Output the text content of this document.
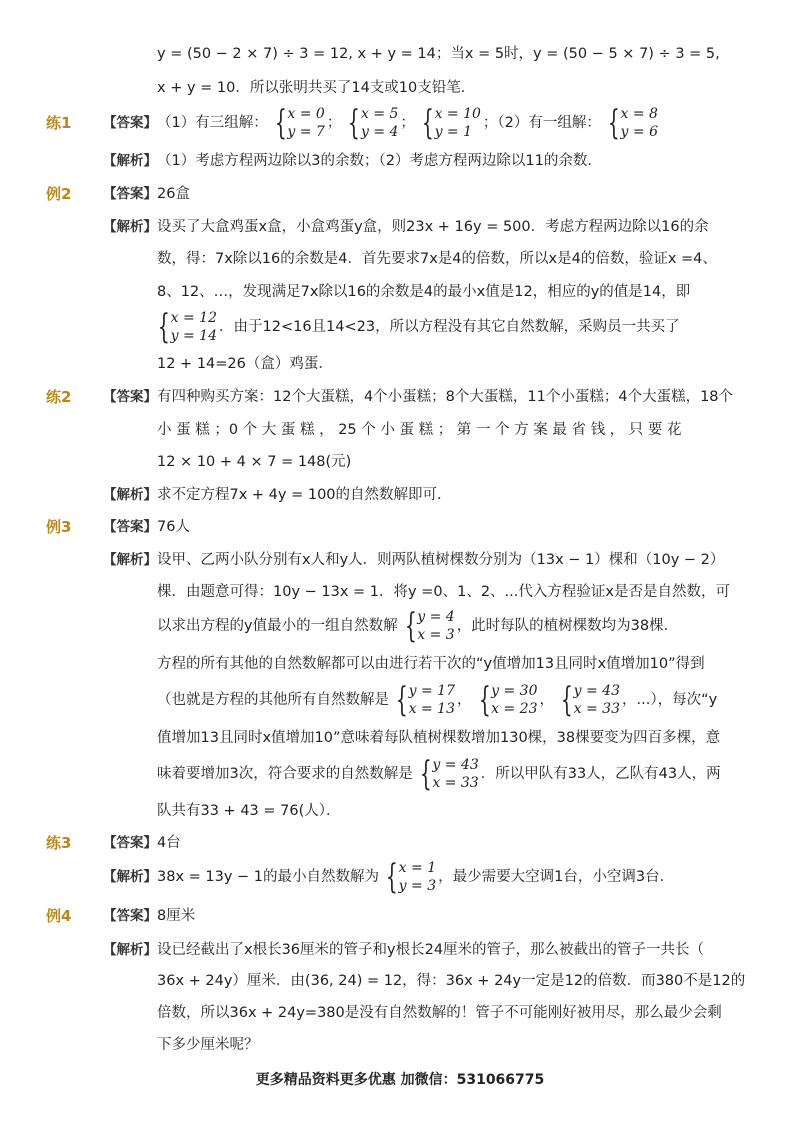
y = (50 − 2 × 7) ÷ 3 = 12, x + y = 14；当x = 5时，y = (50 − 5 × 7) ÷ 3 = 5,
x + y = 10．所以张明共买了14支或10支铅笔．
练1 【答案】 （1）有三组解： { x = 0
y = 7
； { x = 5
y = 4
； { x = 10
y = 1
；（2）有一组解： { x = 8
y = 6
【解析】 （1）考虑方程两边除以3的余数；（2）考虑方程两边除以11的余数．
例2 【答案】 26盒
【解析】 设买了大盒鸡蛋x盒，小盒鸡蛋y盒，则23x + 16y = 500．考虑方程两边除以16的余
数，得：7x除以16的余数是4．首先要求7x是4的倍数，所以x是4的倍数，验证x =4、
8、12、…，发现满足7x除以16的余数是4的最小x值是12，相应的y的值是14，即
{ x = 12
y = 14
．由于12<16且14<23，所以方程没有其它自然数解，采购员一共买了
12 + 14=26（盒）鸡蛋．
练2 【答案】 有四种购买方案：12个大蛋糕，4个小蛋糕；8个大蛋糕，11个小蛋糕；4个大蛋糕，18个
小 蛋 糕 ；0 个 大 蛋 糕 ， 25 个 小 蛋 糕 ； 第 一 个 方 案 最 省 钱 ， 只 要 花
12 × 10 + 4 × 7 = 148(元)
【解析】 求不定方程7x + 4y = 100的自然数解即可．
例3 【答案】 76人
【解析】 设甲、乙两小队分别有x人和y人．则两队植树棵数分别为（13x − 1）棵和（10y − 2）
棵．由题意可得：10y − 13x = 1．将y =0、1、2、...代入方程验证x是否是自然数，可
以求出方程的y值最小的一组自然数解 { y = 4
x = 3
，此时每队的植树棵数均为38棵．
方程的所有其他的自然数解都可以由进行若干次的“y值增加13且同时x值增加10”得到
（也就是方程的其他所有自然数解是 { y = 17
x = 13
， { y = 30
x = 23
， { y = 43
x = 33
，...），每次“y
值增加13且同时x值增加10”意味着每队植树棵数增加130棵，38棵要变为四百多棵，意
味着要增加3次，符合要求的自然数解是 { y = 43
x = 33
．所以甲队有33人，乙队有43人，两
队共有33 + 43 = 76(人）．
练3 【答案】 4台
【解析】 38x = 13y − 1的最小自然数解为 { x = 1
y = 3
，最少需要大空调1台，小空调3台．
例4 【答案】 8厘米
【解析】 设已经截出了x根长36厘米的管子和y根长24厘米的管子，那么被截出的管子一共长（
36x + 24y）厘米．由(36, 24) = 12，得：36x + 24y一定是12的倍数．而380不是12的
倍数，所以36x + 24y=380是没有自然数解的！管子不可能刚好被用尽，那么最少会剩
下多少厘米呢？
更多精品资料更多优惠 加微信：531066775
